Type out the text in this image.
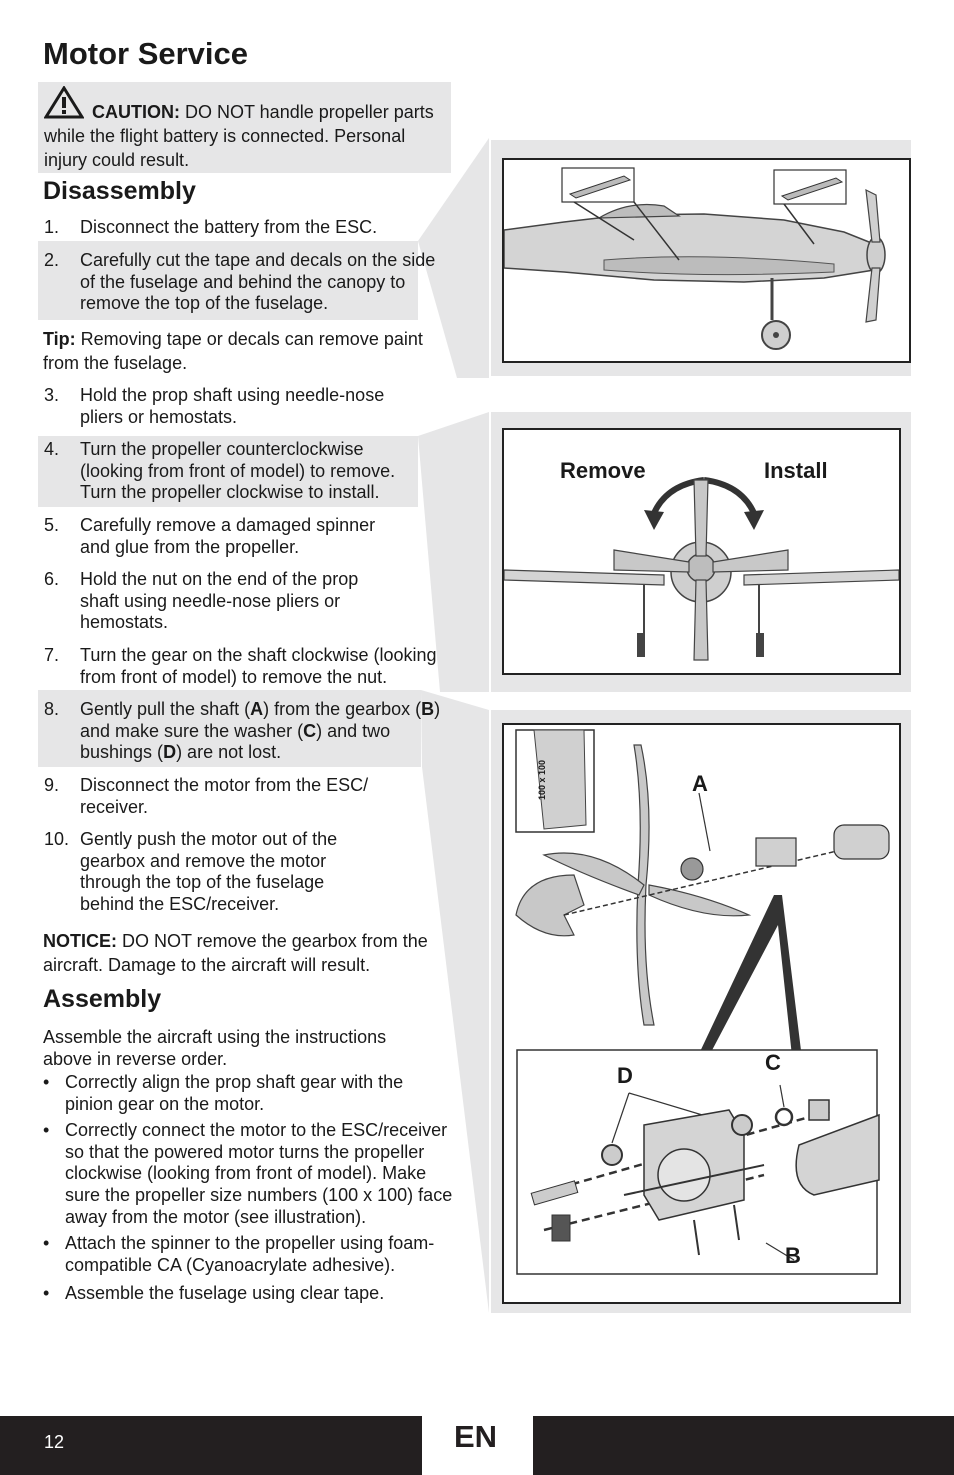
Motor Service
CAUTION: DO NOT handle propeller parts while the flight battery is connected. Personal injury could result.
Disassembly
1. Disconnect the battery from the ESC.
2. Carefully cut the tape and decals on the side of the fuselage and behind the canopy to remove the top of the fuselage.
Tip: Removing tape or decals can remove paint from the fuselage.
3. Hold the prop shaft using needle-nose pliers or hemostats.
4. Turn the propeller counterclockwise (looking from front of model) to remove. Turn the propeller clockwise to install.
5. Carefully remove a damaged spinner and glue from the propeller.
6. Hold the nut on the end of the prop shaft using needle-nose pliers or hemostats.
7. Turn the gear on the shaft clockwise (looking from front of model) to remove the nut.
8. Gently pull the shaft (A) from the gearbox (B) and make sure the washer (C) and two bushings (D) are not lost.
9. Disconnect the motor from the ESC/ receiver.
10. Gently push the motor out of the gearbox and remove the motor through the top of the fuselage behind the ESC/receiver.
NOTICE: DO NOT remove the gearbox from the aircraft. Damage to the aircraft will result.
Assembly
Assemble the aircraft using the instructions above in reverse order.
• Correctly align the prop shaft gear with the pinion gear on the motor.
• Correctly connect the motor to the ESC/receiver so that the powered motor turns the propeller clockwise (looking from front of model). Make sure the propeller size numbers (100 x 100) face away from the motor (see illustration).
• Attach the spinner to the propeller using foam-compatible CA (Cyanoacrylate adhesive).
• Assemble the fuselage using clear tape.
Remove	Install
100 x 100	A
D
C
B
12	EN
